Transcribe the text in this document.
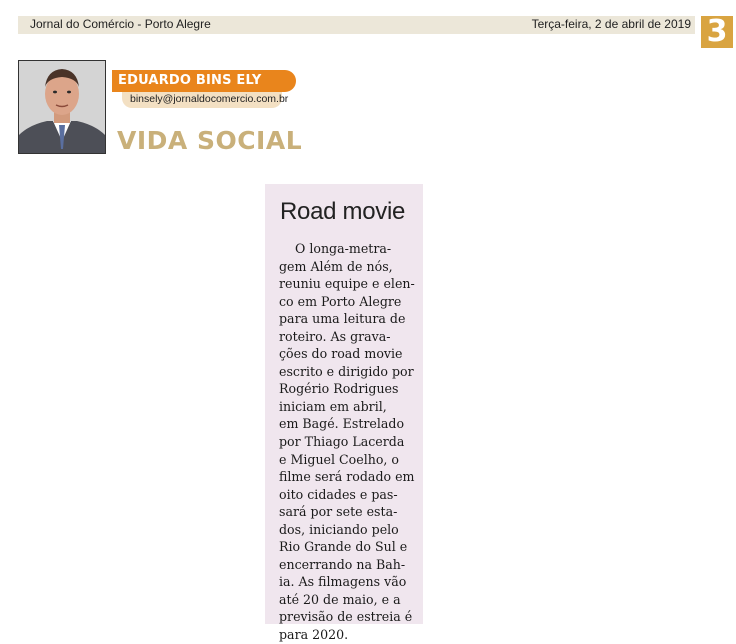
Jornal do Comércio - Porto Alegre	Terça-feira, 2 de abril de 2019 3
EDUARDO BINS ELY
binsely@jornaldocomercio.com.br
VIDA SOCIAL
Road movie
O longa-metra-
gem Além de nós,
reuniu equipe e elen-
co em Porto Alegre
para uma leitura de
roteiro. As grava-
ções do road movie
escrito e dirigido por
Rogério Rodrigues
iniciam em abril,
em Bagé. Estrelado
por Thiago Lacerda
e Miguel Coelho, o
filme será rodado em
oito cidades e pas-
sará por sete esta-
dos, iniciando pelo
Rio Grande do Sul e
encerrando na Bah-
ia. As filmagens vão
até 20 de maio, e a
previsão de estreia é
para 2020.
